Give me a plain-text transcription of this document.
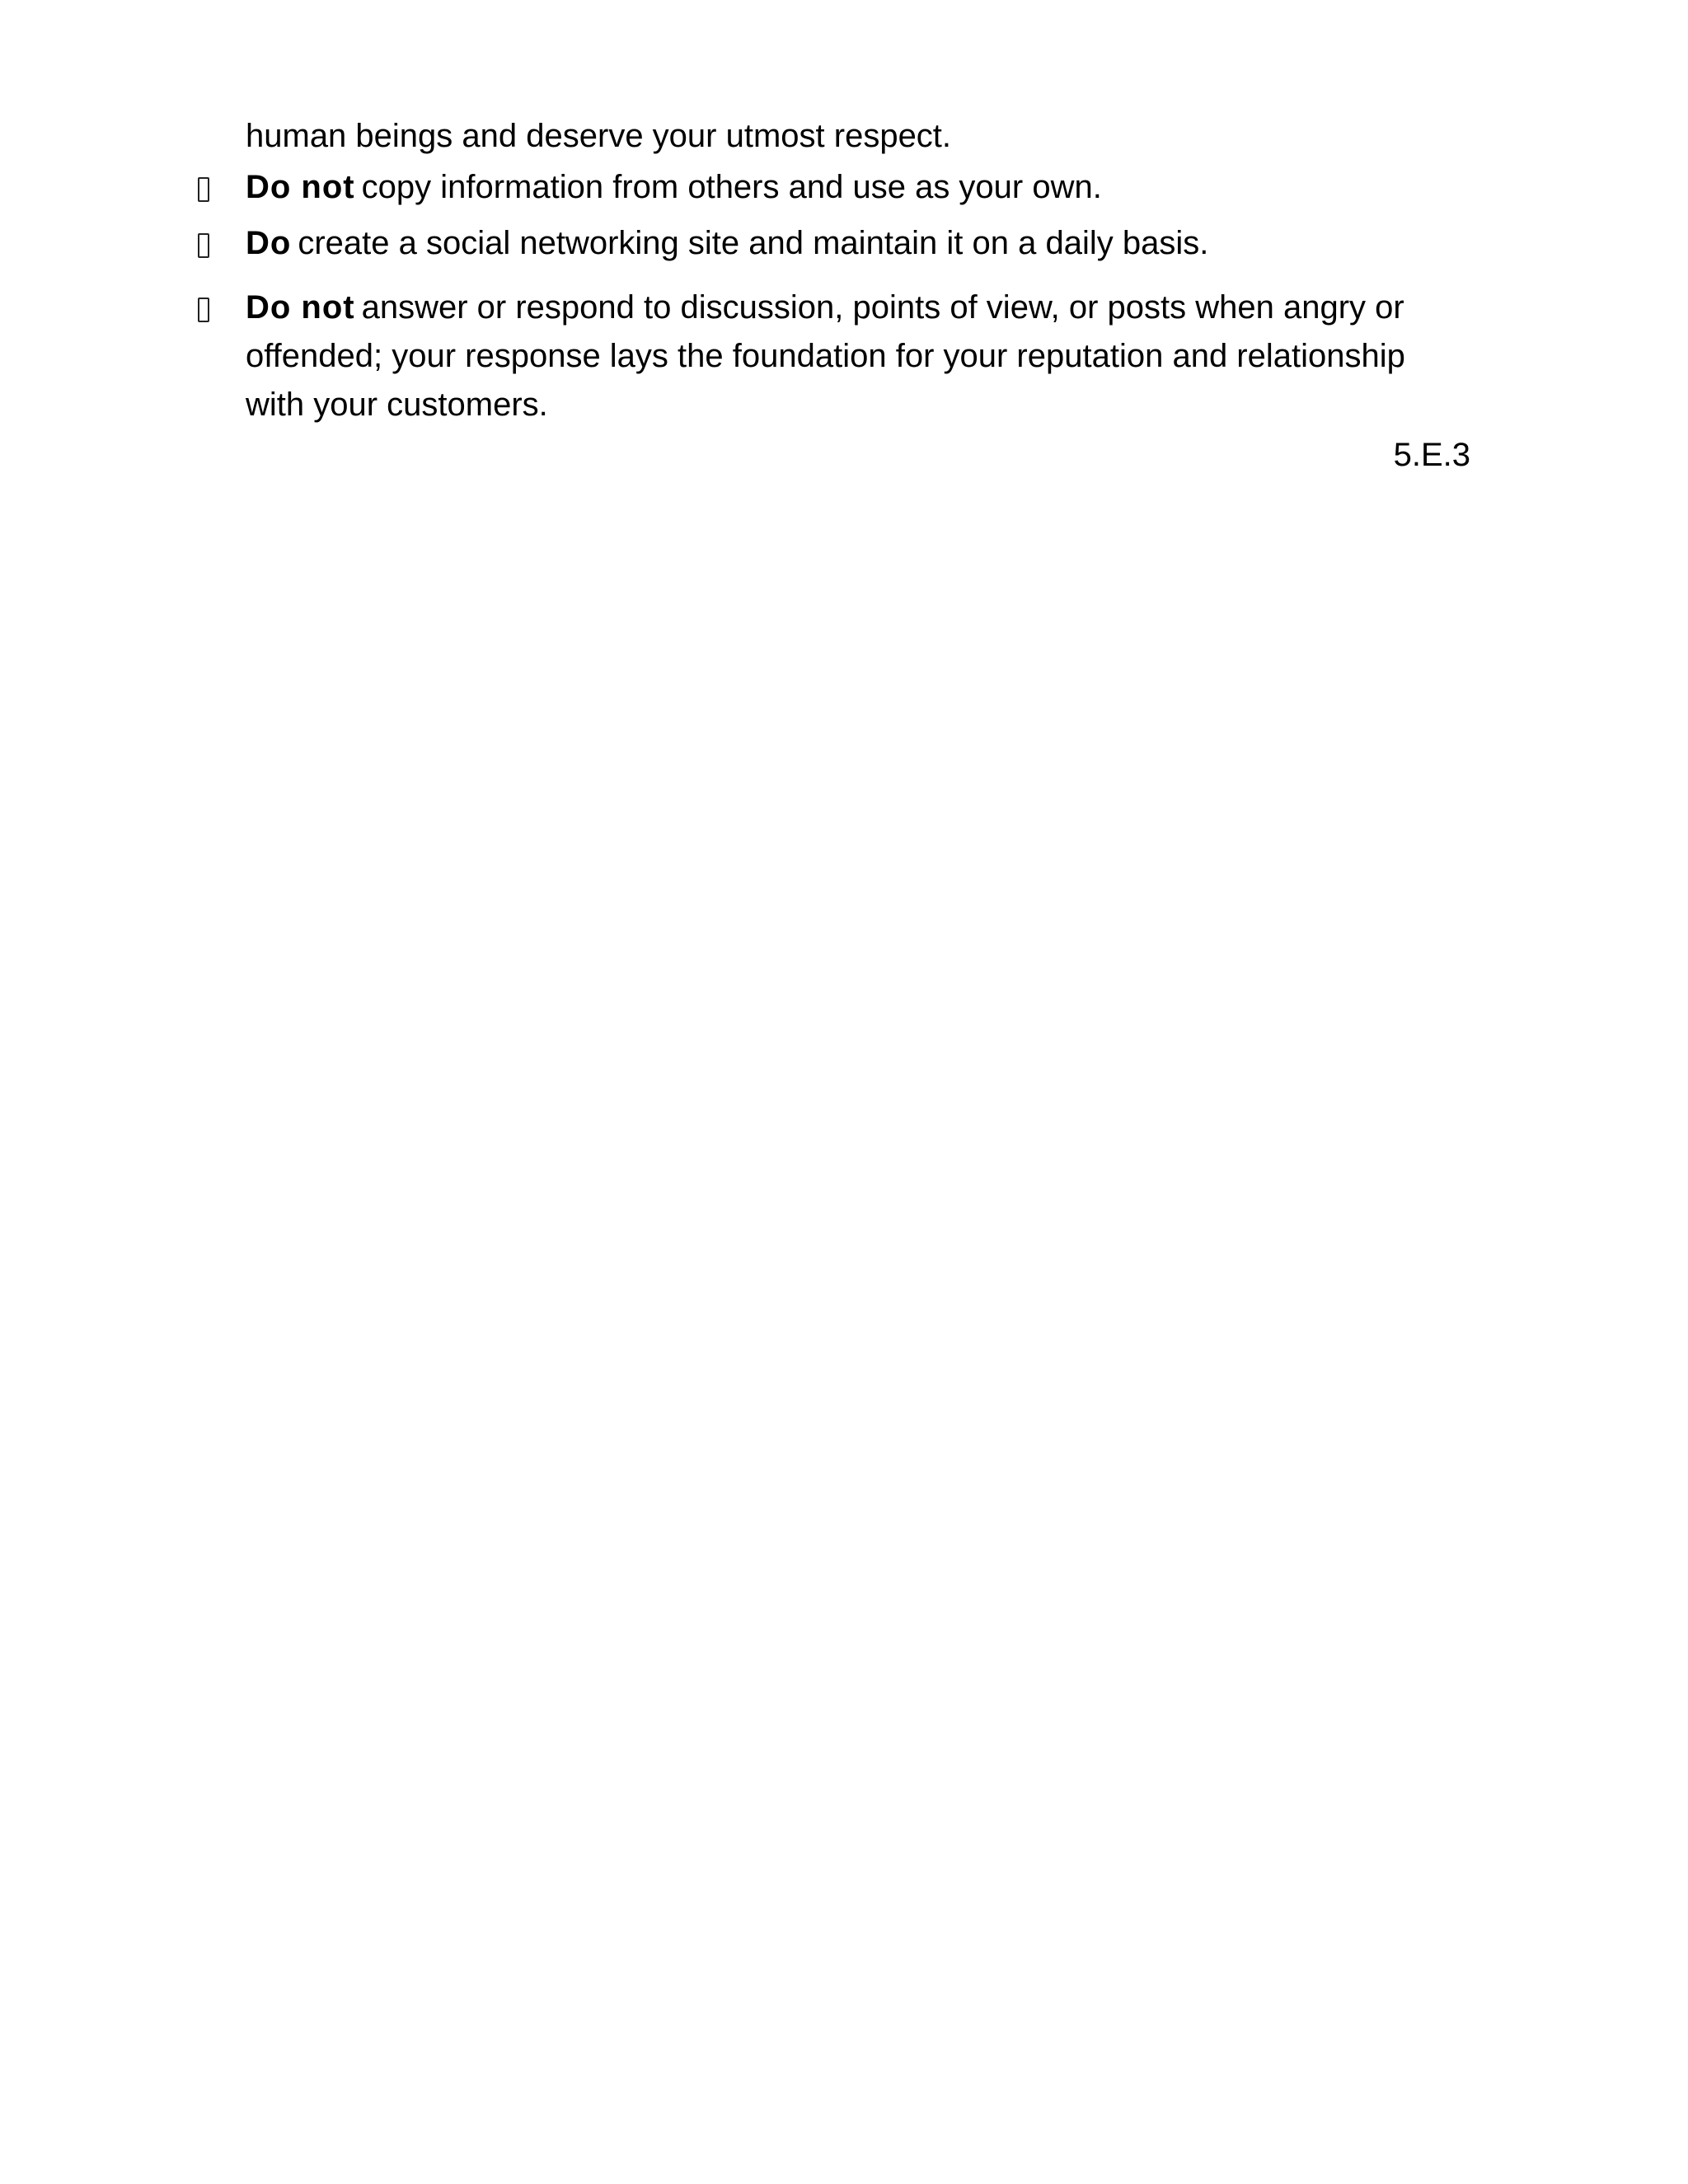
human beings and deserve your utmost respect.
Do not copy information from others and use as your own.
Do create a social networking site and maintain it on a daily basis.
Do not answer or respond to discussion, points of view, or posts when angry or offended; your response lays the foundation for your reputation and relationship with your customers.
5.E.3
